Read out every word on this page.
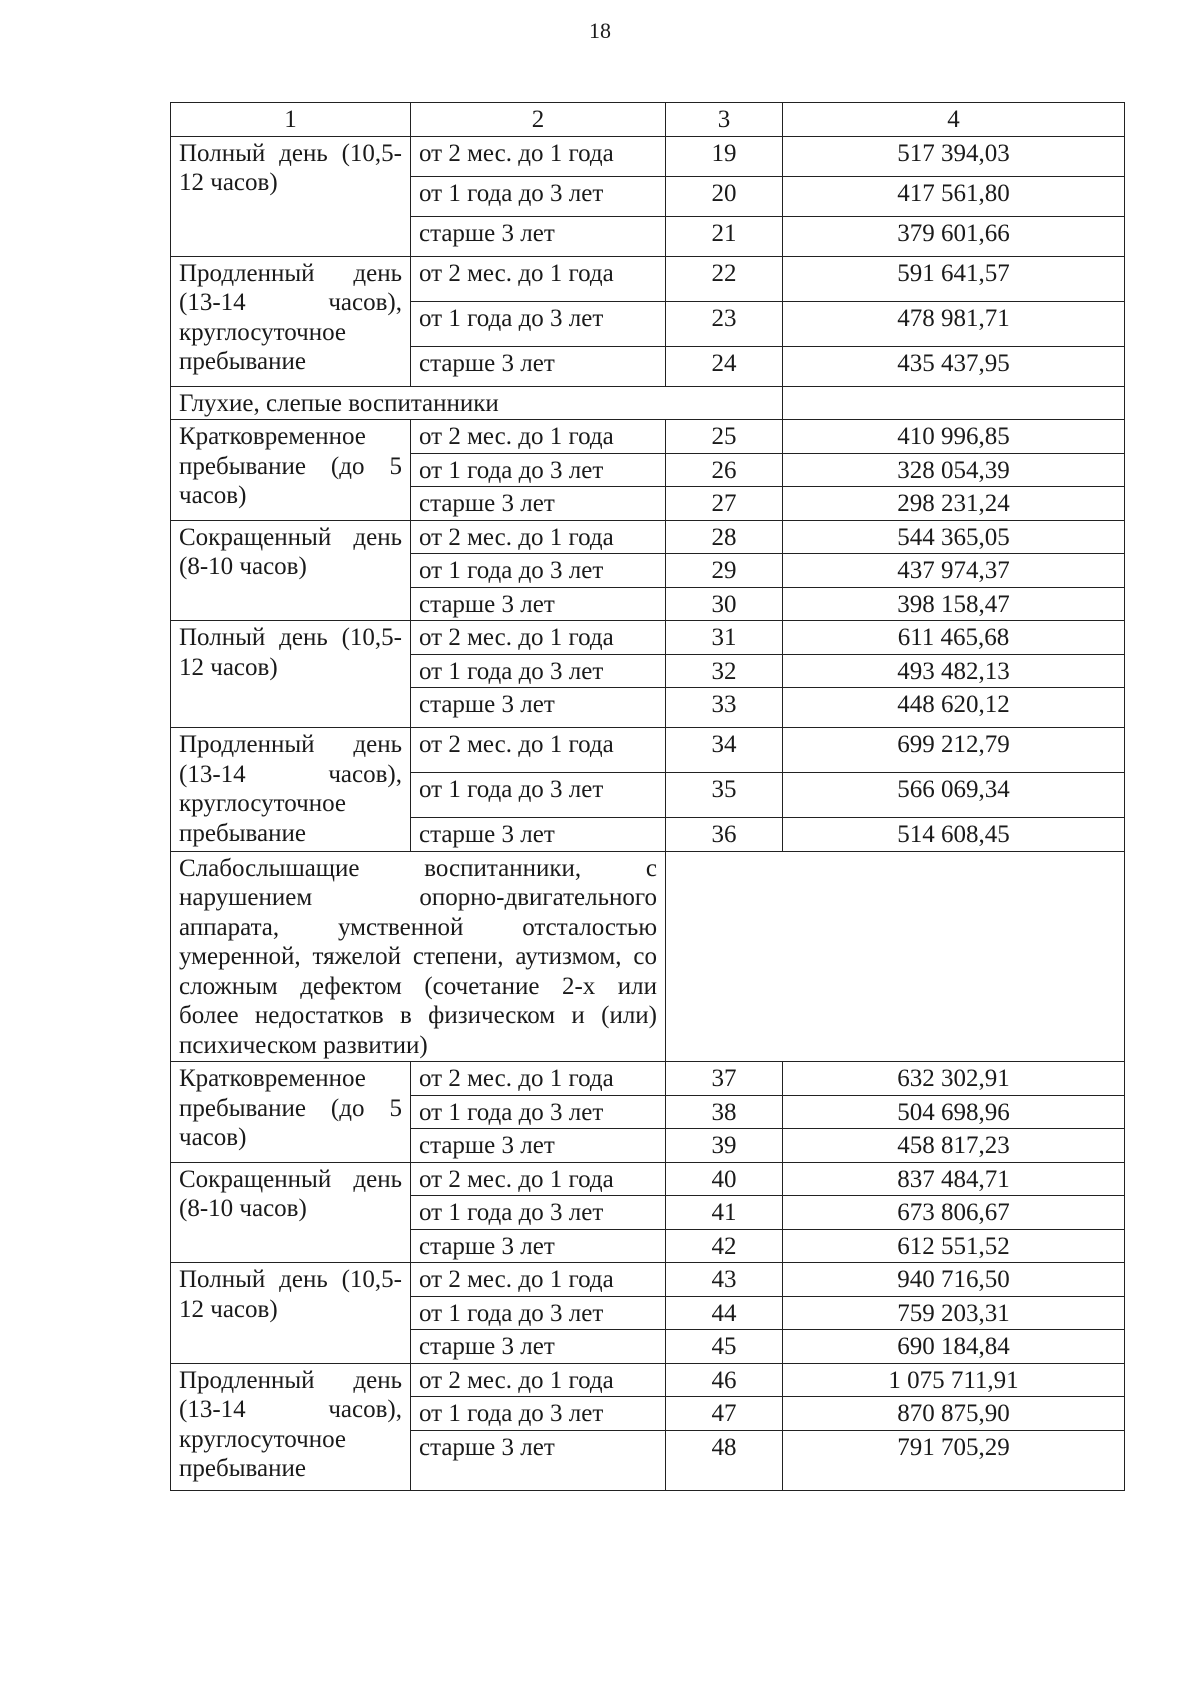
18
1	2	3	4
Полный день (10,5-12 часов)	от 2 мес. до 1 года	19	517 394,03
	от 1 года до 3 лет	20	417 561,80
	старше 3 лет	21	379 601,66
Продленный день (13-14 часов), круглосуточное пребывание	от 2 мес. до 1 года	22	591 641,57
	от 1 года до 3 лет	23	478 981,71
	старше 3 лет	24	435 437,95
Глухие, слепые воспитанники			
Кратковременное пребывание (до 5 часов)	от 2 мес. до 1 года	25	410 996,85
	от 1 года до 3 лет	26	328 054,39
	старше 3 лет	27	298 231,24
Сокращенный день (8-10 часов)	от 2 мес. до 1 года	28	544 365,05
	от 1 года до 3 лет	29	437 974,37
	старше 3 лет	30	398 158,47
Полный день (10,5-12 часов)	от 2 мес. до 1 года	31	611 465,68
	от 1 года до 3 лет	32	493 482,13
	старше 3 лет	33	448 620,12
Продленный день (13-14 часов), круглосуточное пребывание	от 2 мес. до 1 года	34	699 212,79
	от 1 года до 3 лет	35	566 069,34
	старше 3 лет	36	514 608,45
Слабослышащие воспитанники, с нарушением опорно-двигательного аппарата, умственной отсталостью умеренной, тяжелой степени, аутизмом, со сложным дефектом (сочетание 2-х или более недостатков в физическом и (или) психическом развитии)			
Кратковременное пребывание (до 5 часов)	от 2 мес. до 1 года	37	632 302,91
	от 1 года до 3 лет	38	504 698,96
	старше 3 лет	39	458 817,23
Сокращенный день (8-10 часов)	от 2 мес. до 1 года	40	837 484,71
	от 1 года до 3 лет	41	673 806,67
	старше 3 лет	42	612 551,52
Полный день (10,5-12 часов)	от 2 мес. до 1 года	43	940 716,50
	от 1 года до 3 лет	44	759 203,31
	старше 3 лет	45	690 184,84
Продленный день (13-14 часов), круглосуточное пребывание	от 2 мес. до 1 года	46	1 075 711,91
	от 1 года до 3 лет	47	870 875,90
	старше 3 лет	48	791 705,29
